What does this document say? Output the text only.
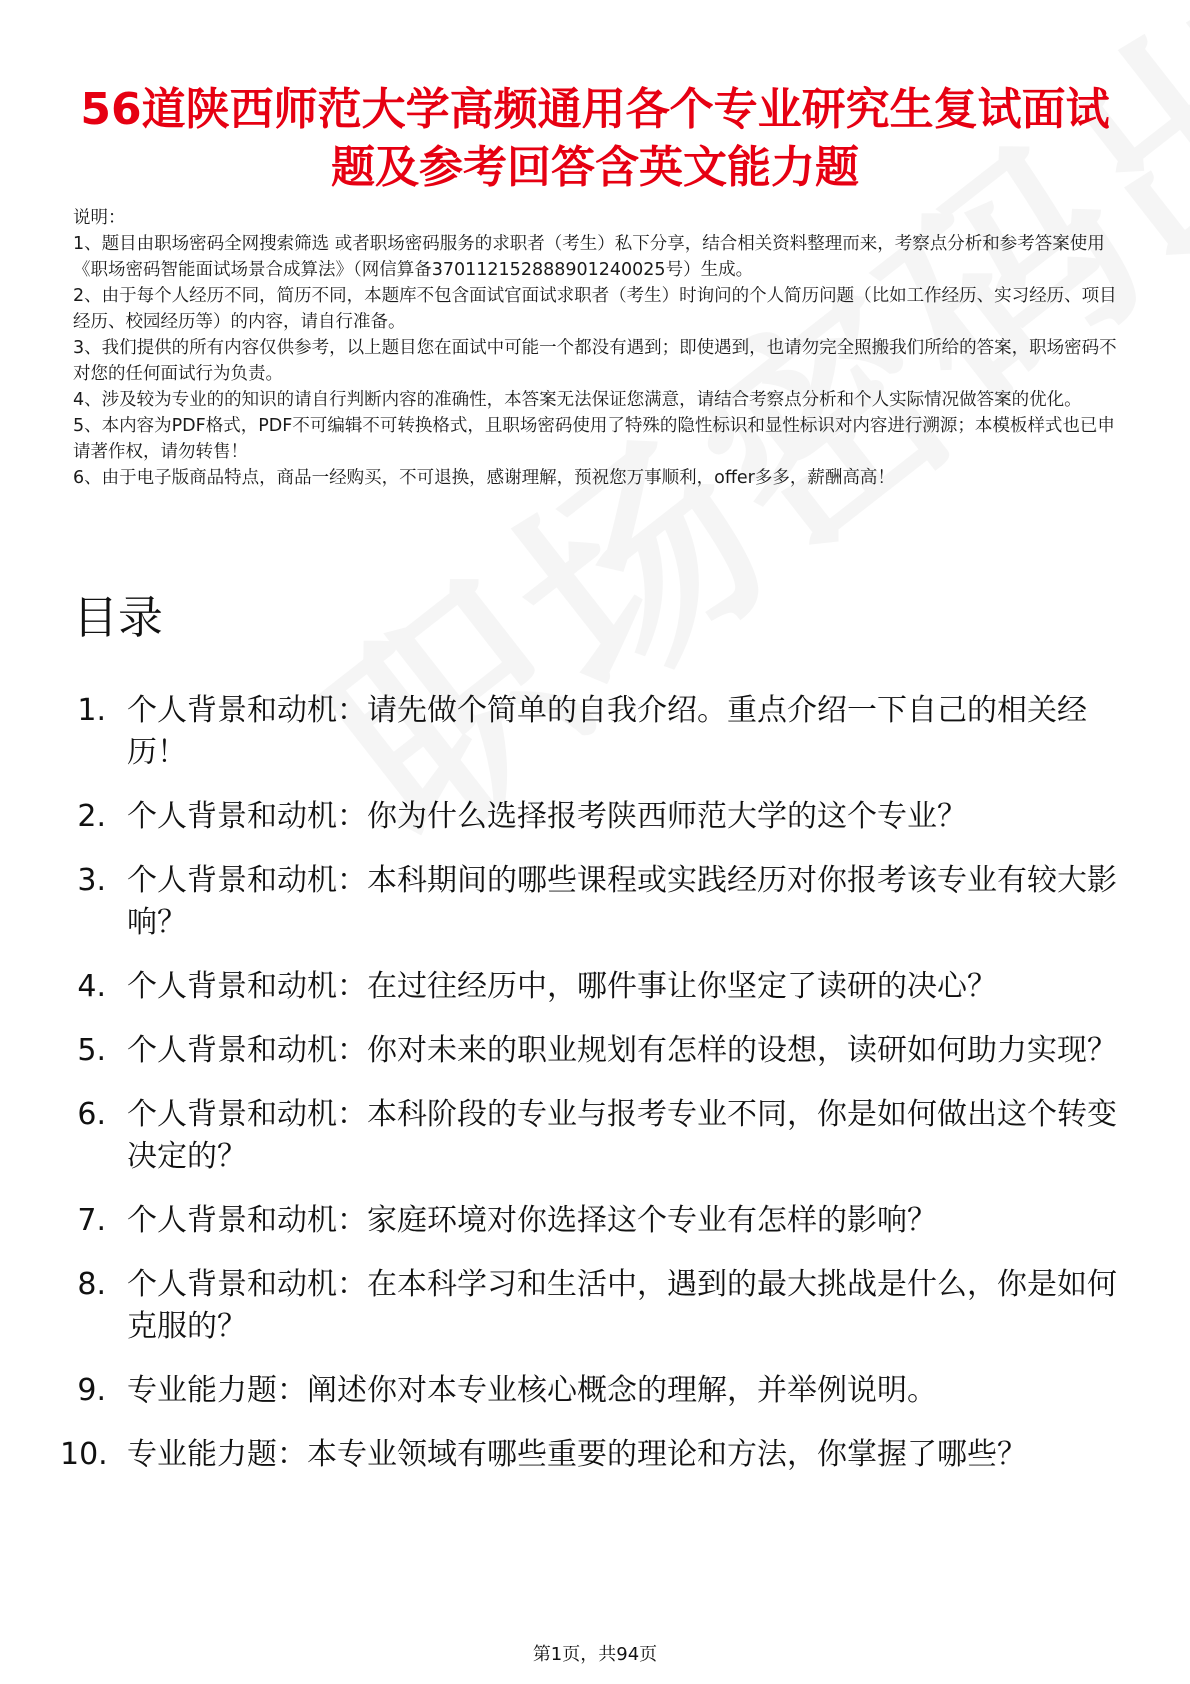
56道陕西师范大学高频通用各个专业研究生复试面试题及参考回答含英文能力题

说明：

1、题目由职场密码全网搜索筛选 或者职场密码服务的求职者（考生）私下分享，结合相关资料整理而来，考察点分析和参考答案使用《职场密码智能面试场景合成算法》（网信算备370112152888901240025号）生成。

2、由于每个人经历不同，简历不同，本题库不包含面试官面试求职者（考生）时询问的个人简历问题（比如工作经历、实习经历、项目经历、校园经历等）的内容，请自行准备。

3、我们提供的所有内容仅供参考，以上题目您在面试中可能一个都没有遇到；即使遇到，也请勿完全照搬我们所给的答案，职场密码不对您的任何面试行为负责。

4、涉及较为专业的的知识的请自行判断内容的准确性，本答案无法保证您满意，请结合考察点分析和个人实际情况做答案的优化。

5、本内容为PDF格式，PDF不可编辑不可转换格式，且职场密码使用了特殊的隐性标识和显性标识对内容进行溯源；本模板样式也已申请著作权，请勿转售！

6、由于电子版商品特点，商品一经购买，不可退换，感谢理解，预祝您万事顺利，offer多多，薪酬高高！

目录
1. 个人背景和动机：请先做个简单的自我介绍。重点介绍一下自己的相关经历！
2. 个人背景和动机：你为什么选择报考陕西师范大学的这个专业？
3. 个人背景和动机：本科期间的哪些课程或实践经历对你报考该专业有较大影响？
4. 个人背景和动机：在过往经历中，哪件事让你坚定了读研的决心？
5. 个人背景和动机：你对未来的职业规划有怎样的设想，读研如何助力实现？
6. 个人背景和动机：本科阶段的专业与报考专业不同，你是如何做出这个转变决定的？
7. 个人背景和动机：家庭环境对你选择这个专业有怎样的影响？
8. 个人背景和动机：在本科学习和生活中，遇到的最大挑战是什么，你是如何克服的？
9. 专业能力题：阐述你对本专业核心概念的理解，并举例说明。
10. 专业能力题：本专业领域有哪些重要的理论和方法，你掌握了哪些？
第1页，共94页
